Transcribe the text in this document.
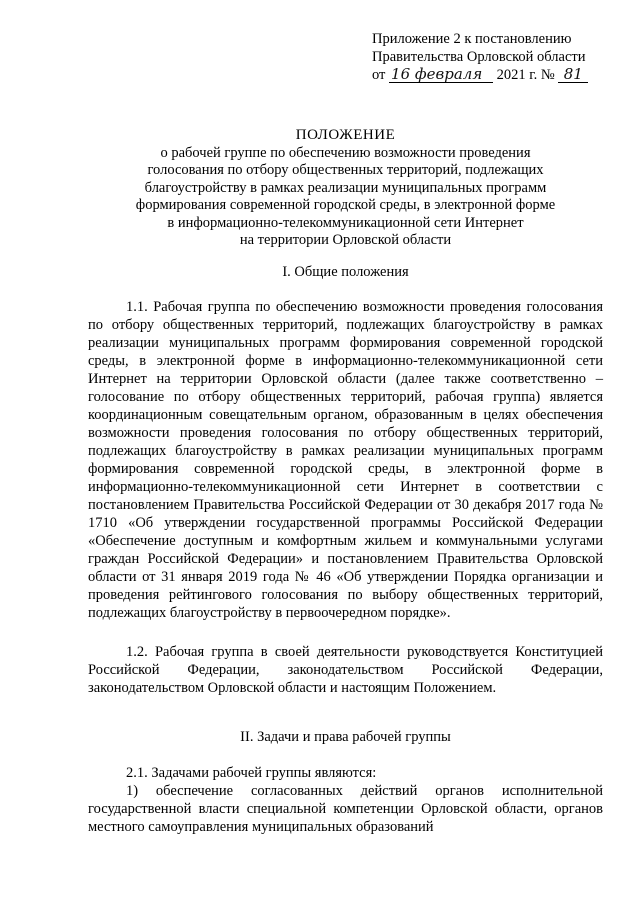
Приложение 2 к постановлению
Правительства Орловской области
от 16 февраля 2021 г. № 81
ПОЛОЖЕНИЕ
о рабочей группе по обеспечению возможности проведения
голосования по отбору общественных территорий, подлежащих
благоустройству в рамках реализации муниципальных программ
формирования современной городской среды, в электронной форме
в информационно-телекоммуникационной сети Интернет
на территории Орловской области
I. Общие положения
1.1. Рабочая группа по обеспечению возможности проведения голосования по отбору общественных территорий, подлежащих благоустройству в рамках реализации муниципальных программ формирования современной городской среды, в электронной форме в информационно-телекоммуникационной сети Интернет на территории Орловской области (далее также соответственно – голосование по отбору общественных территорий, рабочая группа) является координационным совещательным органом, образованным в целях обеспечения возможности проведения голосования по отбору общественных территорий, подлежащих благоустройству в рамках реализации муниципальных программ формирования современной городской среды, в электронной форме в информационно-телекоммуникационной сети Интернет в соответствии с постановлением Правительства Российской Федерации от 30 декабря 2017 года № 1710 «Об утверждении государственной программы Российской Федерации «Обеспечение доступным и комфортным жильем и коммунальными услугами граждан Российской Федерации» и постановлением Правительства Орловской области от 31 января 2019 года № 46 «Об утверждении Порядка организации и проведения рейтингового голосования по выбору общественных территорий, подлежащих благоустройству в первоочередном порядке».
1.2. Рабочая группа в своей деятельности руководствуется Конституцией Российской Федерации, законодательством Российской Федерации, законодательством Орловской области и настоящим Положением.
II. Задачи и права рабочей группы
2.1. Задачами рабочей группы являются:
1) обеспечение согласованных действий органов исполнительной государственной власти специальной компетенции Орловской области, органов местного самоуправления муниципальных образований
